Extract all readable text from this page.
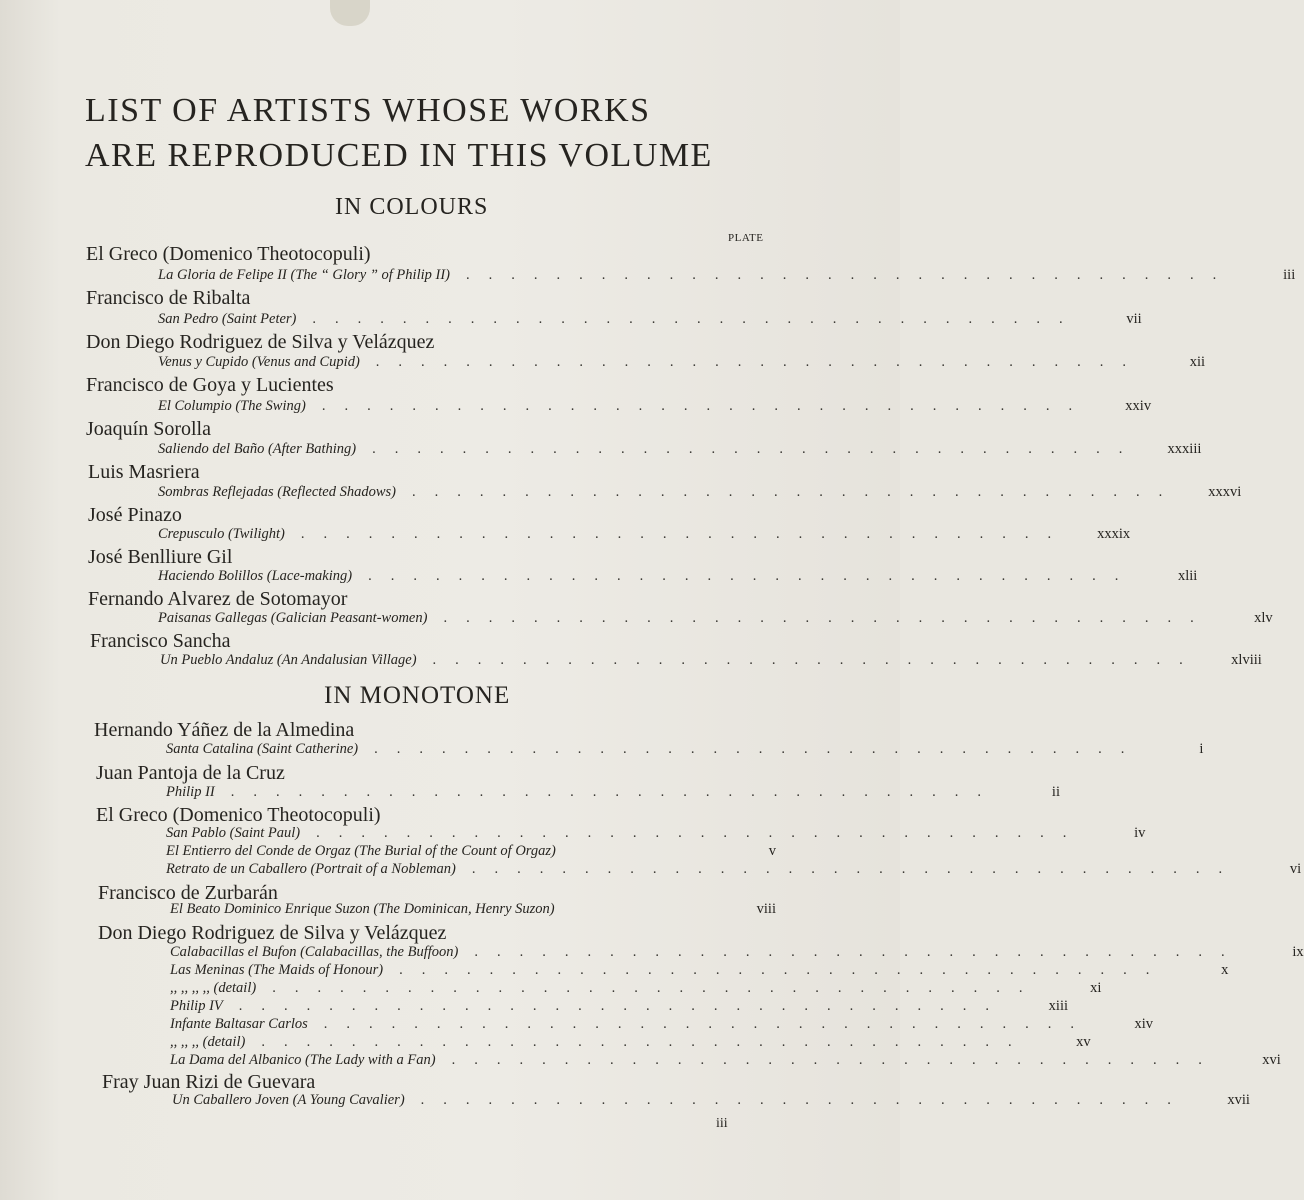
LIST OF ARTISTS WHOSE WORKS
ARE REPRODUCED IN THIS VOLUME
IN COLOURS
PLATE
El Greco (Domenico Theotocopuli)
La Gloria de Felipe II (The “ Glory ” of Philip II)	..................................	iii
Francisco de Ribalta
San Pedro (Saint Peter)	..................................	vii
Don Diego Rodriguez de Silva y Velázquez
Venus y Cupido (Venus and Cupid)	..................................	xii
Francisco de Goya y Lucientes
El Columpio (The Swing)	..................................	xxiv
Joaquín Sorolla
Saliendo del Baño (After Bathing)	..................................	xxxiii
Luis Masriera
Sombras Reflejadas (Reflected Shadows)	..................................	xxxvi
José Pinazo
Crepusculo (Twilight)	..................................	xxxix
José Benlliure Gil
Haciendo Bolillos (Lace-making)	..................................	xlii
Fernando Alvarez de Sotomayor
Paisanas Gallegas (Galician Peasant-women)	..................................	xlv
Francisco Sancha
Un Pueblo Andaluz (An Andalusian Village)	..................................	xlviii
IN MONOTONE
Hernando Yáñez de la Almedina
Santa Catalina (Saint Catherine)	..................................	i
Juan Pantoja de la Cruz
Philip II	..................................	ii
El Greco (Domenico Theotocopuli)
San Pablo (Saint Paul)	..................................	iv
El Entierro del Conde de Orgaz (The Burial of the Count of Orgaz)	v
Retrato de un Caballero (Portrait of a Nobleman)	..................................	vi
Francisco de Zurbarán
El Beato Dominico Enrique Suzon (The Dominican, Henry Suzon)	viii
Don Diego Rodriguez de Silva y Velázquez
Calabacillas el Bufon (Calabacillas, the Buffoon)	..................................	ix
Las Meninas (The Maids of Honour)	..................................	x
,, ,, ,, ,, (detail)	..................................	xi
Philip IV	..................................	xiii
Infante Baltasar Carlos	..................................	xiv
,, ,, ,, (detail)	..................................	xv
La Dama del Albanico (The Lady with a Fan)	..................................	xvi
Fray Juan Rizi de Guevara
Un Caballero Joven (A Young Cavalier)	..................................	xvii
iii
